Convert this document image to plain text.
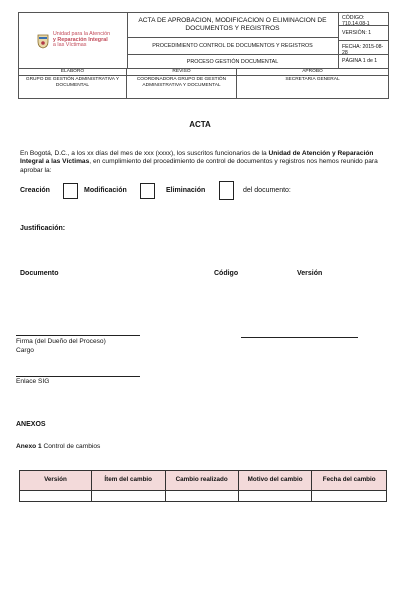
Unidad para la Atención
y Reparación Integral
a las Víctimas
ACTA DE APROBACION, MODIFICACION O ELIMINACION DE DOCUMENTOS Y REGISTROS
PROCEDIMIENTO CONTROL DE DOCUMENTOS Y REGISTROS
PROCESO GESTIÓN DOCUMENTAL
CÓDIGO: 710.14.08-1
VERSIÓN: 1
FECHA: 2015-08-28
PÁGINA 1 de 1
ELABORO	REVISO	APROBO
GRUPO DE GESTIÓN ADMINISTRATIVA Y DOCUMENTAL
COORDINADORA GRUPO DE GESTIÓN ADMINISTRATIVA Y DOCUMENTAL
SECRETARIA GENERAL
ACTA
En Bogotá, D.C., a los xx días del mes de xxx (xxxx), los suscritos funcionarios de la Unidad de Atención y Reparación Integral a las Víctimas, en cumplimiento del procedimiento de control de documentos y registros nos hemos reunido para aprobar la:
Creación	Modificación	Eliminación	del documento:
Justificación:
Documento	Código	Versión
Firma (del Dueño del Proceso)
Cargo
Enlace SIG
ANEXOS
Anexo 1 Control de cambios
Versión	Ítem del cambio	Cambio realizado	Motivo del cambio	Fecha del cambio
